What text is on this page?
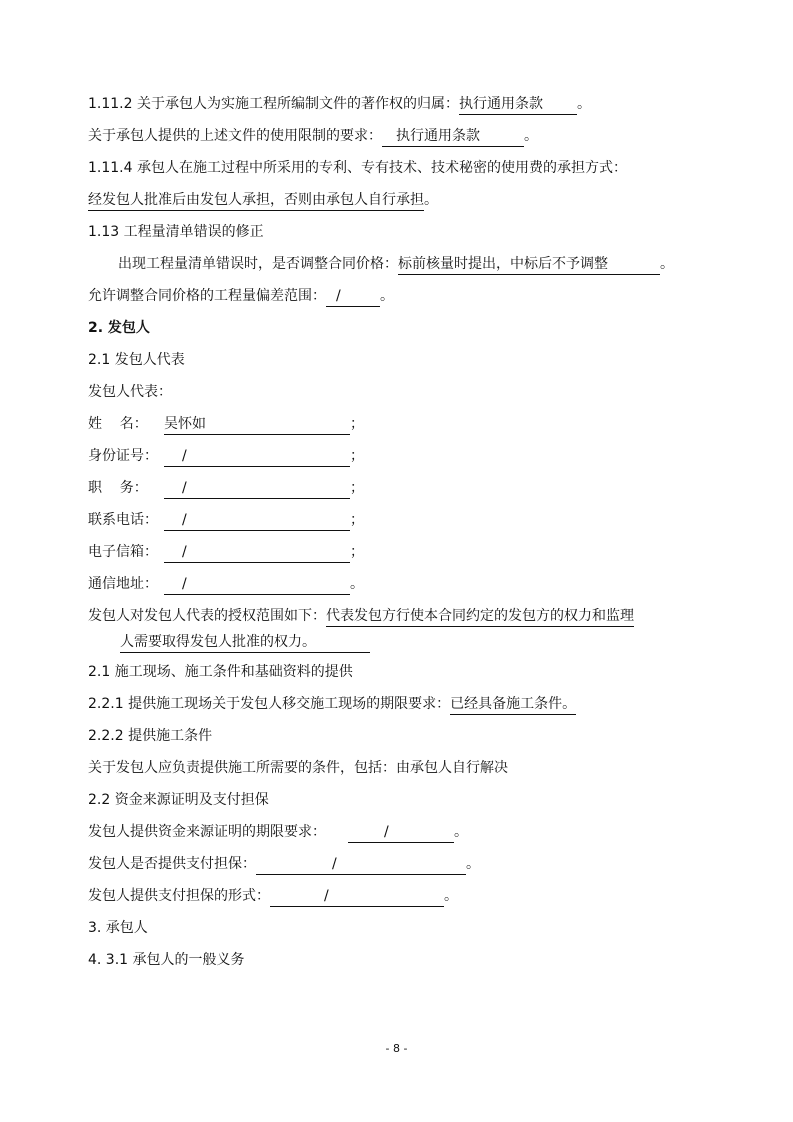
1.11.2 关于承包人为实施工程所编制文件的著作权的归属：执行通用条款 。
关于承包人提供的上述文件的使用限制的要求： 执行通用条款	。
1.11.4 承包人在施工过程中所采用的专利、专有技术、技术秘密的使用费的承担方式：
经发包人批准后由发包人承担，否则由承包人自行承担。
1.13 工程量清单错误的修正
出现工程量清单错误时，是否调整合同价格：标前核量时提出，中标后不予调整	。
允许调整合同价格的工程量偏差范围： /	。
2. 发包人
2.1 发包人代表
发包人代表：
姓    名： 吴怀如	；
身份证号： /	；
职    务： /	；
联系电话： /	；
电子信箱： /	；
通信地址： /	。
发包人对发包人代表的授权范围如下：代表发包方行使本合同约定的发包方的权力和监理
人需要取得发包人批准的权力。
2.1 施工现场、施工条件和基础资料的提供
2.2.1 提供施工现场关于发包人移交施工现场的期限要求：已经具备施工条件。
2.2.2 提供施工条件
关于发包人应负责提供施工所需要的条件，包括：由承包人自行解决
2.2 资金来源证明及支付担保
发包人提供资金来源证明的期限要求：	/	。
发包人是否提供支付担保：	/	。
发包人提供支付担保的形式：	/	。
3. 承包人
4. 3.1 承包人的一般义务
- 8 -
